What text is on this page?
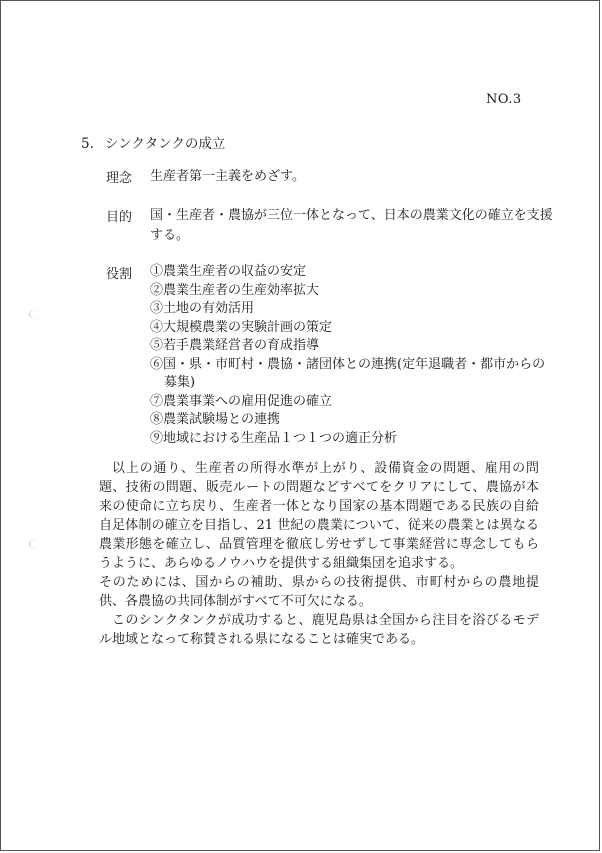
NO.3
5. シンクタンクの成立
理念 生産者第一主義をめざす。
目的 国・生産者・農協が三位一体となって、日本の農業文化の確立を支援
する。
役割 ①農業生産者の収益の安定
②農業生産者の生産効率拡大
③土地の有効活用
④大規模農業の実験計画の策定
⑤若手農業経営者の育成指導
⑥国・県・市町村・農協・諸団体との連携(定年退職者・都市からの
募集)
⑦農業事業への雇用促進の確立
⑧農業試験場との連携
⑨地域における生産品１つ１つの適正分析

以上の通り、生産者の所得水準が上がり、設備資金の問題、雇用の問題、技術の問題、販売ルートの問題などすべてをクリアにして、農協が本来の使命に立ち戻り、生産者一体となり国家の基本問題である民族の自給自足体制の確立を目指し、21 世紀の農業について、従来の農業とは異なる農業形態を確立し、品質管理を徹底し労せずして事業経営に専念してもらうように、あらゆるノウハウを提供する組織集団を追求する。

そのためには、国からの補助、県からの技術提供、市町村からの農地提供、各農協の共同体制がすべて不可欠になる。

このシンクタンクが成功すると、鹿児島県は全国から注目を浴びるモデル地域となって称賛される県になることは確実である。
